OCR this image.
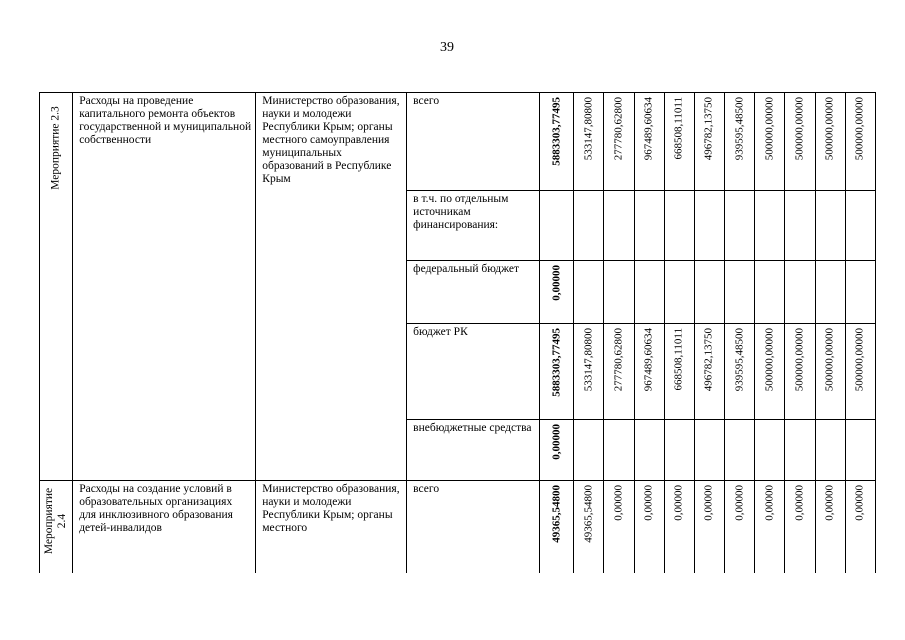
39
Мероприятие 2.3	Расходы на проведение капитального ремонта объектов государственной и муниципальной собственности	Министерство образования, науки и молодежи Республики Крым; органы местного самоуправления муниципальных образований в Республике Крым	всего	5883303,77495	533147,80800	277780,62800	967489,60634	668508,11011	496782,13750	939595,48500	500000,00000	500000,00000	500000,00000	500000,00000

			в т.ч. по отдельным источникам финансирования:											

			федеральный бюджет	0,00000										

			бюджет РК	5883303,77495	533147,80800	277780,62800	967489,60634	668508,11011	496782,13750	939595,48500	500000,00000	500000,00000	500000,00000	500000,00000

			внебюджетные средства	0,00000										

Мероприятие 2.4	Расходы на создание условий в образовательных организациях для инклюзивного образования детей-инвалидов	Министерство образования, науки и молодежи Республики Крым; органы местного	всего	49365,54800	49365,54800	0,00000	0,00000	0,00000	0,00000	0,00000	0,00000	0,00000	0,00000	0,00000
